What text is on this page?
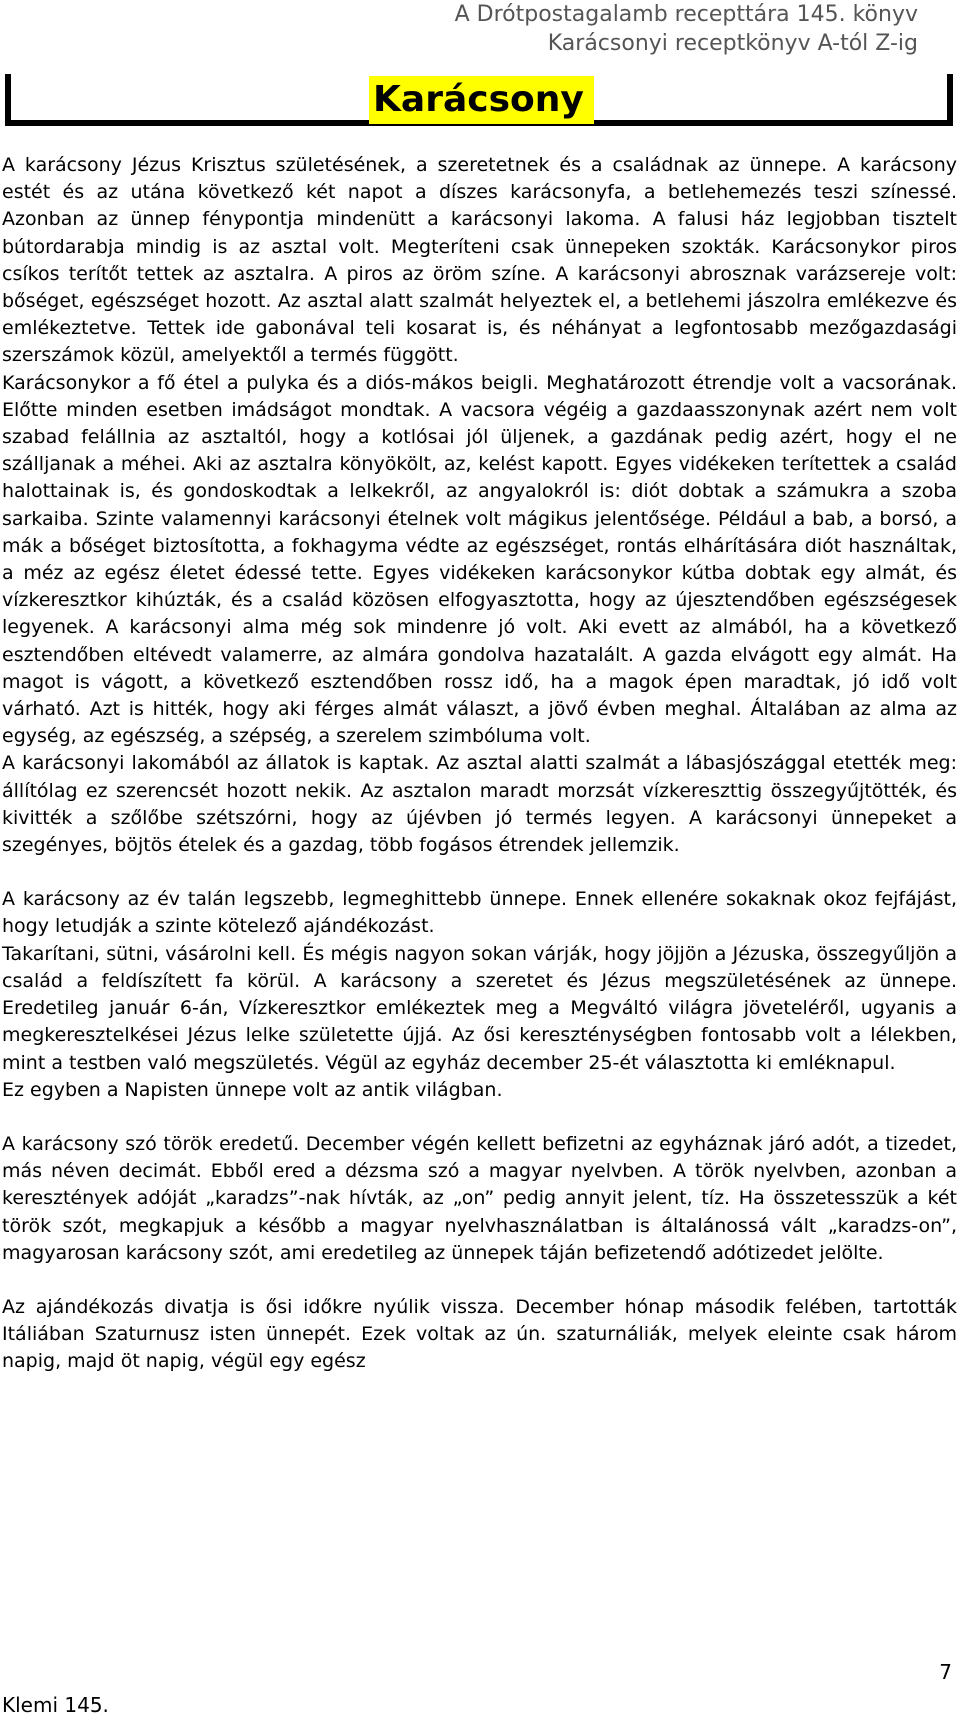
A Drótpostagalamb recepttára 145. könyv
Karácsonyi receptkönyv A-tól Z-ig
Karácsony

A karácsony Jézus Krisztus születésének, a szeretetnek és a családnak az ünnepe. A karácsony estét és az utána következő két napot a díszes karácsonyfa, a betlehemezés teszi színessé. Azonban az ünnep fénypontja mindenütt a karácsonyi lakoma. A falusi ház legjobban tisztelt bútordarabja mindig is az asztal volt. Megteríteni csak ünnepeken szokták. Karácsonykor piros csíkos terítőt tettek az asztalra. A piros az öröm színe. A karácsonyi abrosznak varázsereje volt: bőséget, egészséget hozott. Az asztal alatt szalmát helyeztek el, a betlehemi jászolra emlékezve és emlékeztetve. Tettek ide gabonával teli kosarat is, és néhányat a legfontosabb mezőgazdasági szerszámok közül, amelyektől a termés függött.

Karácsonykor a fő étel a pulyka és a diós-mákos beigli. Meghatározott étrendje volt a vacsorának. Előtte minden esetben imádságot mondtak. A vacsora végéig a gazdaasszonynak azért nem volt szabad felállnia az asztaltól, hogy a kotlósai jól üljenek, a gazdának pedig azért, hogy el ne szálljanak a méhei. Aki az asztalra könyökölt, az, kelést kapott. Egyes vidékeken terítettek a család halottainak is, és gondoskodtak a lelkekről, az angyalokról is: diót dobtak a számukra a szoba sarkaiba. Szinte valamennyi karácsonyi ételnek volt mágikus jelentősége. Például a bab, a borsó, a mák a bőséget biztosította, a fokhagyma védte az egészséget, rontás elhárítására diót használtak, a méz az egész életet édessé tette. Egyes vidékeken karácsonykor kútba dobtak egy almát, és vízkeresztkor kihúzták, és a család közösen elfogyasztotta, hogy az újesztendőben egészségesek legyenek. A karácsonyi alma még sok mindenre jó volt. Aki evett az almából, ha a következő esztendőben eltévedt valamerre, az almára gondolva hazatalált. A gazda elvágott egy almát. Ha magot is vágott, a következő esztendőben rossz idő, ha a magok épen maradtak, jó idő volt várható. Azt is hitték, hogy aki férges almát választ, a jövő évben meghal. Általában az alma az egység, az egészség, a szépség, a szerelem szimbóluma volt.

A karácsonyi lakomából az állatok is kaptak. Az asztal alatti szalmát a lábasjószággal etették meg: állítólag ez szerencsét hozott nekik. Az asztalon maradt morzsát vízkereszttig összegyűjtötték, és kivitték a szőlőbe szétszórni, hogy az újévben jó termés legyen. A karácsonyi ünnepeket a szegényes, böjtös ételek és a gazdag, több fogásos étrendek jellemzik.

A karácsony az év talán legszebb, legmeghittebb ünnepe. Ennek ellenére sokaknak okoz fejfájást, hogy letudják a szinte kötelező ajándékozást.

Takarítani, sütni, vásárolni kell. És mégis nagyon sokan várják, hogy jöjjön a Jézuska, összegyűljön a család a feldíszített fa körül. A karácsony a szeretet és Jézus megszületésének az ünnepe. Eredetileg január 6-án, Vízkeresztkor emlékeztek meg a Megváltó világra jöveteléről, ugyanis a megkeresztelkései Jézus lelke születette újjá. Az ősi kereszténységben fontosabb volt a lélekben, mint a testben való megszületés. Végül az egyház december 25-ét választotta ki emléknapul.

Ez egyben a Napisten ünnepe volt az antik világban.

A karácsony szó török eredetű. December végén kellett befizetni az egyháznak járó adót, a tizedet, más néven decimát. Ebből ered a dézsma szó a magyar nyelvben. A török nyelvben, azonban a keresztények adóját „karadzs”-nak hívták, az „on” pedig annyit jelent, tíz. Ha összetesszük a két török szót, megkapjuk a később a magyar nyelvhasználatban is általánossá vált „karadzs-on”, magyarosan karácsony szót, ami eredetileg az ünnepek táján befizetendő adótizedet jelölte.

Az ajándékozás divatja is ősi időkre nyúlik vissza. December hónap második felében, tartották Itáliában Szaturnusz isten ünnepét. Ezek voltak az ún. szaturnáliák, melyek eleinte csak három napig, majd öt napig, végül egy egész

7
Klemi 145.
